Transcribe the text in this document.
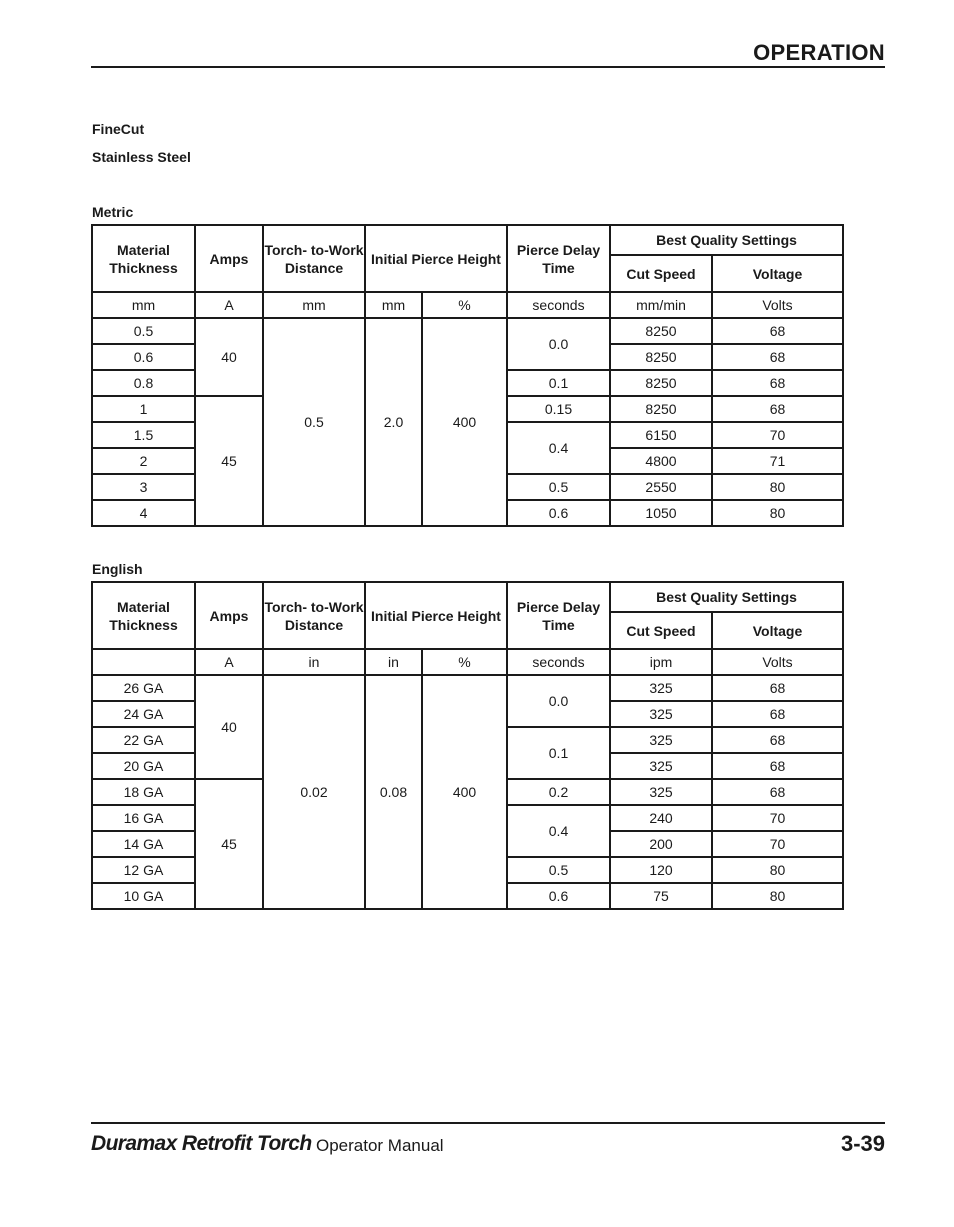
OPERATION
FineCut
Stainless Steel
Metric
Material Thickness	Amps	Torch- to-Work Distance	Initial Pierce Height		Pierce Delay Time	Best Quality Settings	
						Cut Speed	Voltage
mm	A	mm	mm	%	seconds	mm/min	Volts
0.5	40	0.5	2.0	400	0.0	8250	68
0.6						8250	68
0.8					0.1	8250	68
1	45				0.15	8250	68
1.5					0.4	6150	70
2						4800	71
3					0.5	2550	80
4					0.6	1050	80
English
Material Thickness	Amps	Torch- to-Work Distance	Initial Pierce Height		Pierce Delay Time	Best Quality Settings	
						Cut Speed	Voltage
	A	in	in	%	seconds	ipm	Volts
26 GA	40	0.02	0.08	400	0.0	325	68
24 GA						325	68
22 GA					0.1	325	68
20 GA						325	68
18 GA	45				0.2	325	68
16 GA					0.4	240	70
14 GA						200	70
12 GA					0.5	120	80
10 GA					0.6	75	80
Duramax Retrofit Torch Operator Manual	3-39
